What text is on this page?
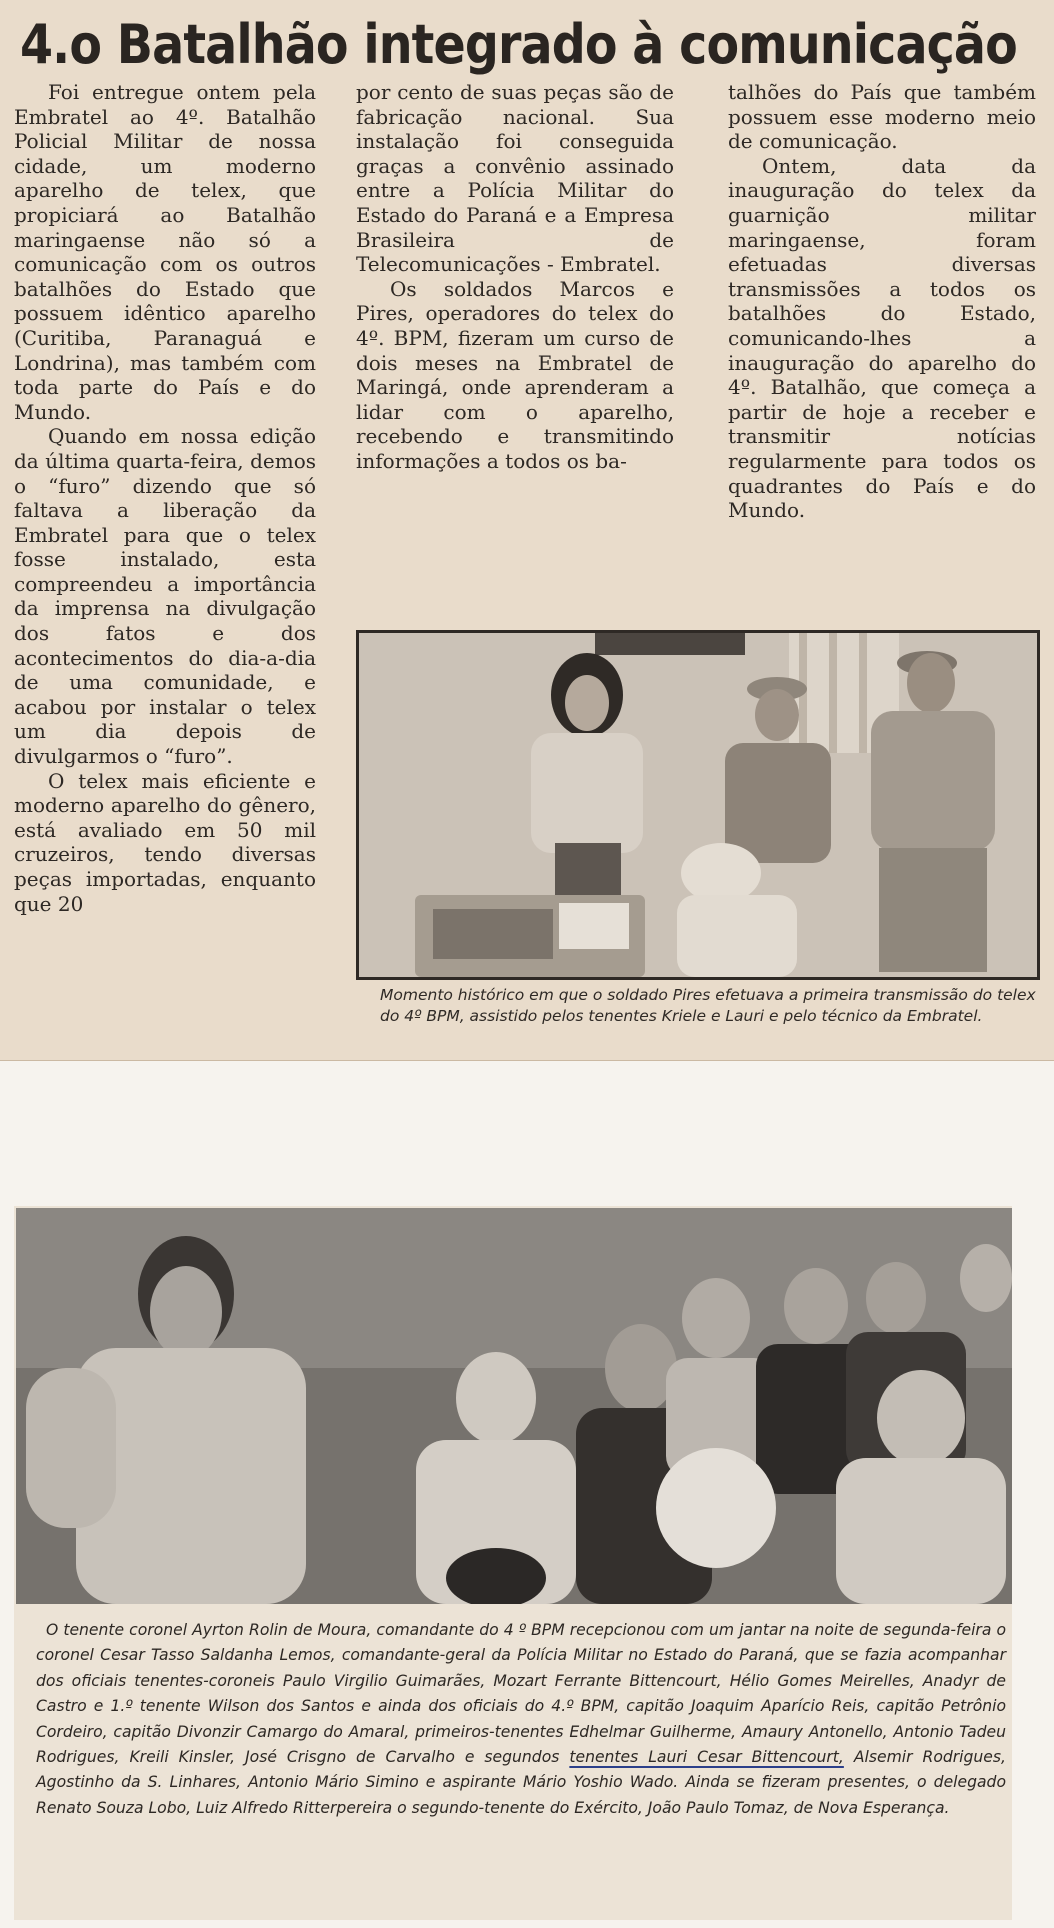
4.o Batalhão integrado à comunicação

Foi entregue ontem pela Embratel ao 4º. Batalhão Policial Militar de nossa cidade, um moderno aparelho de telex, que propiciará ao Batalhão maringaense não só a comunicação com os outros batalhões do Estado que possuem idêntico aparelho (Curitiba, Paranaguá e Londrina), mas também com toda parte do País e do Mundo.

Quando em nossa edição da última quarta-feira, demos o “furo” dizendo que só faltava a liberação da Embratel para que o telex fosse instalado, esta compreendeu a importância da imprensa na divulgação dos fatos e dos acontecimentos do dia-a-dia de uma comunidade, e acabou por instalar o telex um dia depois de divulgarmos o “furo”.

O telex mais eficiente e moderno aparelho do gênero, está avaliado em 50 mil cruzeiros, tendo diversas peças importadas, enquanto que 20

por cento de suas peças são de fabricação nacional. Sua instalação foi conseguida graças a convênio assinado entre a Polícia Militar do Estado do Paraná e a Empresa Brasileira de Telecomunicações - Embratel.

Os soldados Marcos e Pires, operadores do telex do 4º. BPM, fizeram um curso de dois meses na Embratel de Maringá, onde aprenderam a lidar com o aparelho, recebendo e transmitindo informações a todos os ba-

talhões do País que também possuem esse moderno meio de comunicação.

Ontem, data da inauguração do telex da guarnição militar maringaense, foram efetuadas diversas transmissões a todos os batalhões do Estado, comunicando-lhes a inauguração do aparelho do 4º. Batalhão, que começa a partir de hoje a receber e transmitir notícias regularmente para todos os quadrantes do País e do Mundo.

Momento histórico em que o soldado Pires efetuava a primeira transmissão do telex do 4º BPM, assistido pelos tenentes Kriele e Lauri e pelo técnico da Embratel.

O tenente coronel Ayrton Rolin de Moura, comandante do 4 º BPM recepcionou com um jantar na noite de segunda-feira o coronel Cesar Tasso Saldanha Lemos, comandante-geral da Polícia Militar no Estado do Paraná, que se fazia acompanhar dos oficiais tenentes-coroneis Paulo Virgilio Guimarães, Mozart Ferrante Bittencourt, Hélio Gomes Meirelles, Anadyr de Castro e 1.º tenente Wilson dos Santos e ainda dos oficiais do 4.º BPM, capitão Joaquim Aparício Reis, capitão Petrônio Cordeiro, capitão Divonzir Camargo do Amaral, primeiros-tenentes Edhelmar Guilherme, Amaury Antonello, Antonio Tadeu Rodrigues, Kreili Kinsler, José Crisgno de Carvalho e segundos tenentes Lauri Cesar Bittencourt, Alsemir Rodrigues, Agostinho da S. Linhares, Antonio Mário Simino e aspirante Mário Yoshio Wado. Ainda se fizeram presentes, o delegado Renato Souza Lobo, Luiz Alfredo Ritterpereira o segundo-tenente do Exército, João Paulo Tomaz, de Nova Esperança.
